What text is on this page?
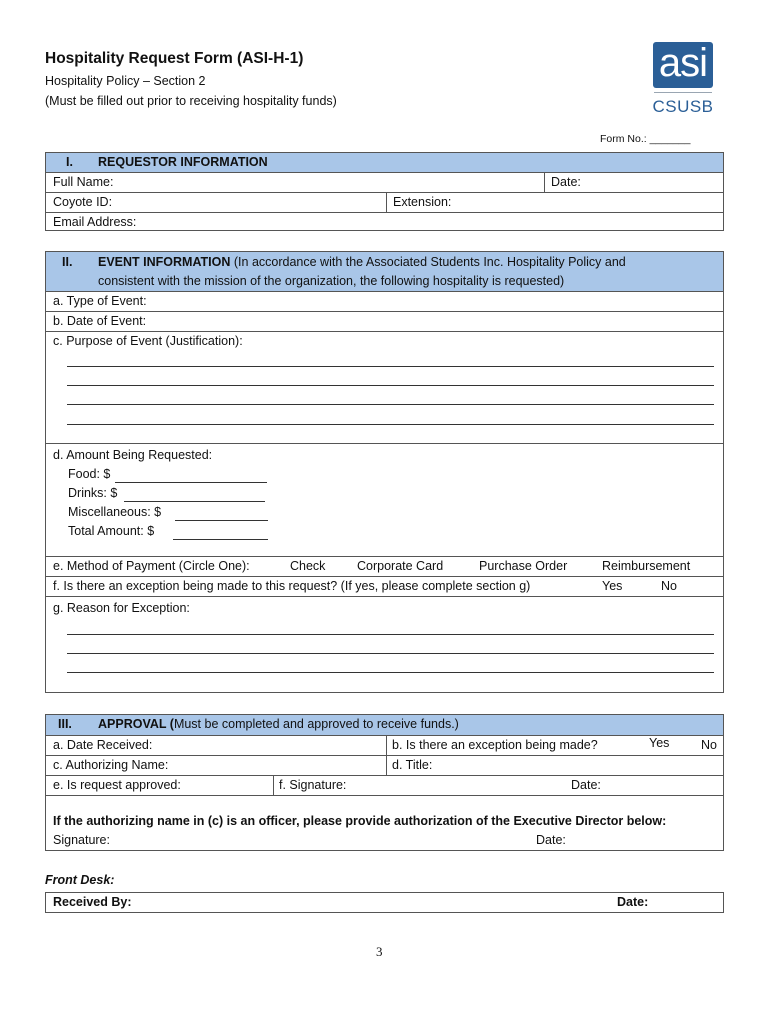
Hospitality Request Form (ASI-H-1)
Hospitality Policy – Section 2
(Must be filled out prior to receiving hospitality funds)
asi
CSUSB
Form No.: _______
I. REQUESTOR INFORMATION
Full Name:	Date:
Coyote ID:	Extension:
Email Address:
II. EVENT INFORMATION (In accordance with the Associated Students Inc. Hospitality Policy and
consistent with the mission of the organization, the following hospitality is requested)
a. Type of Event:
b. Date of Event:
c. Purpose of Event (Justification):
d. Amount Being Requested:
Food: $
Drinks: $
Miscellaneous: $
Total Amount: $
e. Method of Payment (Circle One):	Check	Corporate Card	Purchase Order	Reimbursement
f. Is there an exception being made to this request? (If yes, please complete section g)	Yes	No
g. Reason for Exception:
III. APPROVAL (Must be completed and approved to receive funds.)
a. Date Received:	b. Is there an exception being made?	Yes	No
c. Authorizing Name:	d. Title:
e. Is request approved:	f. Signature:	Date:
If the authorizing name in (c) is an officer, please provide authorization of the Executive Director below:
Signature:	Date:
Front Desk:
Received By:	Date:
3
